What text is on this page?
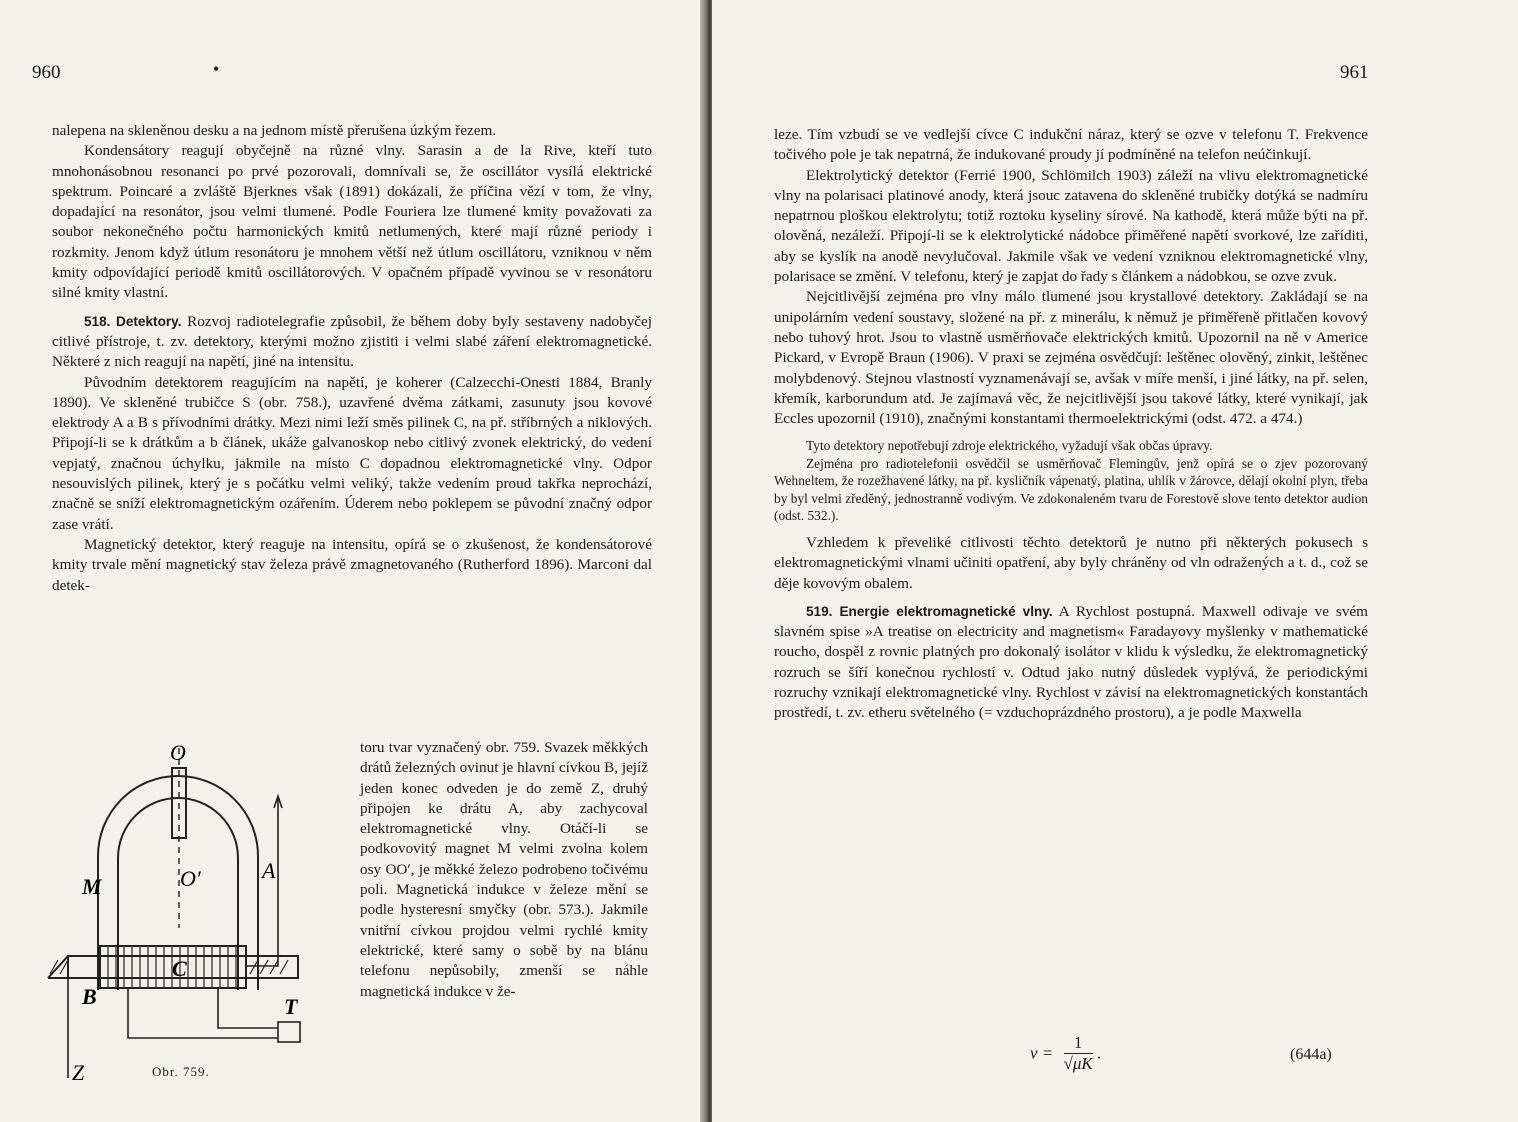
960	•

nalepena na skleněnou desku a na jednom místě přerušena úzkým řezem.

Kondensátory reagují obyčejně na různé vlny. Sarasin a de la Rive, kteří tuto mnohonásobnou resonanci po prvé pozorovali, domnívali se, že oscillátor vysílá elektrické spektrum. Poincaré a zvláště Bjerknes však (1891) dokázali, že příčina vězí v tom, že vlny, dopadající na resonátor, jsou velmi tlumené. Podle Fouriera lze tlumené kmity považovati za soubor nekonečného počtu harmonických kmitů netlumených, které mají různé periody i rozkmity. Jenom když útlum resonátoru je mnohem větší než útlum oscillátoru, vzniknou v něm kmity odpovídající periodě kmitů oscillátorových. V opačném případě vyvinou se v resonátoru silné kmity vlastní.

518. Detektory. Rozvoj radiotelegrafie způsobil, že během doby byly sestaveny nadobyčej citlivé přístroje, t. zv. detektory, kterými možno zjistiti i velmi slabé záření elektromagnetické. Některé z nich reagují na napětí, jiné na intensitu.

Původním detektorem reagujícím na napětí, je koherer (Calzecchi-Onesti 1884, Branly 1890). Ve skleněné trubičce S (obr. 758.), uzavřené dvěma zátkami, zasunuty jsou kovové elektrody A a B s přívodními drátky. Mezi nimi leží směs pilinek C, na př. stříbrných a niklových. Připojí-li se k drátkům a b článek, ukáže galvanoskop nebo citlivý zvonek elektrický, do vedení vepjatý, značnou úchylku, jakmile na místo C dopadnou elektromagnetické vlny. Odpor nesouvislých pilinek, který je s počátku velmi veliký, takže vedením proud takřka neprochází, značně se sníží elektromagnetickým ozářením. Úderem nebo poklepem se původní značný odpor zase vrátí.

Magnetický detektor, který reaguje na intensitu, opírá se o zkušenost, že kondensátorové kmity trvale mění magnetický stav železa právě zmagnetovaného (Rutherford 1896). Marconi dal detek-

O
O′
M
A
C
B
Z
T
Obr. 759.

toru tvar vyznačený obr. 759. Svazek měkkých drátů železných ovinut je hlavní cívkou B, jejíž jeden konec odveden je do země Z, druhý připojen ke drátu A, aby zachycoval elektromagnetické vlny. Otáčí-li se podkovovitý magnet M velmi zvolna kolem osy OO′, je měkké železo podrobeno točivému poli. Magnetická indukce v železe mění se podle hysteresní smyčky (obr. 573.). Jakmile vnitřní cívkou projdou velmi rychlé kmity elektrické, které samy o sobě by na blánu telefonu nepůsobily, zmenší se náhle magnetická indukce v že-

961

leze. Tím vzbudí se ve vedlejší cívce C indukční náraz, který se ozve v telefonu T. Frekvence točivého pole je tak nepatrná, že indukované proudy jí podmíněné na telefon neúčinkují.

Elektrolytický detektor (Ferrié 1900, Schlömilch 1903) záleží na vlivu elektromagnetické vlny na polarisaci platinové anody, která jsouc zatavena do skleněné trubičky dotýká se nadmíru nepatrnou ploškou elektrolytu; totiž roztoku kyseliny sírové. Na kathodě, která může býti na př. olověná, nezáleží. Připojí-li se k elektrolytické nádobce přiměřené napětí svorkové, lze zaříditi, aby se kyslík na anodě nevylučoval. Jakmile však ve vedení vzniknou elektromagnetické vlny, polarisace se změní. V telefonu, který je zapjat do řady s článkem a nádobkou, se ozve zvuk.

Nejcitlivější zejména pro vlny málo tlumené jsou krystallové detektory. Zakládají se na unipolárním vedení soustavy, složené na př. z minerálu, k němuž je přiměřeně přitlačen kovový nebo tuhový hrot. Jsou to vlastně usměrňovače elektrických kmitů. Upozornil na ně v Americe Pickard, v Evropě Braun (1906). V praxi se zejména osvědčují: leštěnec olověný, zinkit, leštěnec molybdenový. Stejnou vlastností vyznamenávají se, avšak v míře menší, i jiné látky, na př. selen, křemík, karborundum atd. Je zajímavá věc, že nejcitlivější jsou takové látky, které vynikají, jak Eccles upozornil (1910), značnými konstantami thermoelektrickými (odst. 472. a 474.)

Tyto detektory nepotřebují zdroje elektrického, vyžadují však občas úpravy.

Zejména pro radiotelefonii osvědčil se usměrňovač Flemingův, jenž opírá se o zjev pozorovaný Wehneltem, že rozežhavené látky, na př. kysličník vápenatý, platina, uhlík v žárovce, dělají okolní plyn, třeba by byl velmi zředěný, jednostranně vodivým. Ve zdokonaleném tvaru de Forestově slove tento detektor audion (odst. 532.).

Vzhledem k převeliké citlivosti těchto detektorů je nutno při některých pokusech s elektromagnetickými vlnami učiniti opatření, aby byly chráněny od vln odražených a t. d., což se děje kovovým obalem.

519. Energie elektromagnetické vlny. A Rychlost postupná. Maxwell odivaje ve svém slavném spise »A treatise on electricity and magnetism« Faradayovy myšlenky v mathematické roucho, dospěl z rovnic platných pro dokonalý isolátor v klidu k výsledku, že elektromagnetický rozruch se šíří konečnou rychlostí v. Odtud jako nutný důsledek vyplývá, že periodickými rozruchy vznikají elektromagnetické vlny. Rychlost v závisí na elektromagnetických konstantách prostředí, t. zv. etheru světelného (= vzduchoprázdného prostoru), a je podle Maxwella

$v = \frac{1}{√\mu K}$ .	(644a)
